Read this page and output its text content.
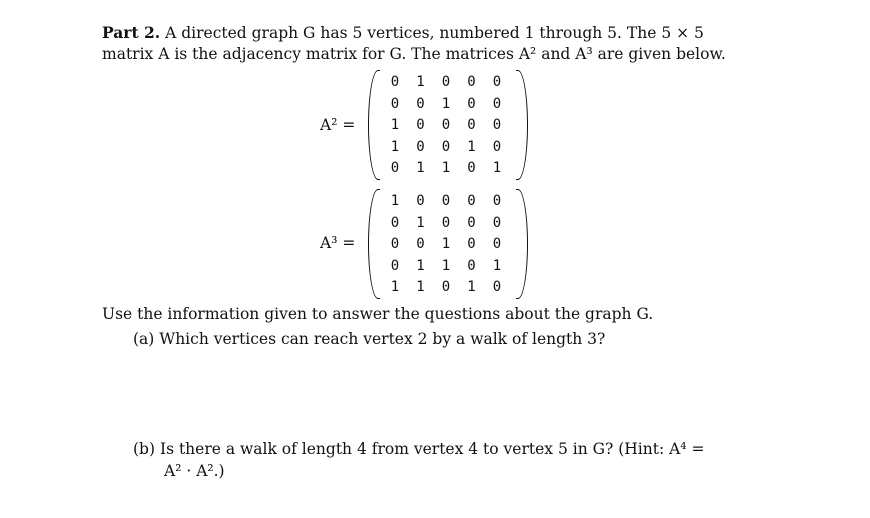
Part 2. A directed graph G has 5 vertices, numbered 1 through 5. The 5 × 5
matrix A is the adjacency matrix for G. The matrices A² and A³ are given below.
A² =
0	1	0	0	0
0	0	1	0	0
1	0	0	0	0
1	0	0	1	0
0	1	1	0	1
A³ =
1	0	0	0	0
0	1	0	0	0
0	0	1	0	0
0	1	1	0	1
1	1	0	1	0
Use the information given to answer the questions about the graph G.
(a) Which vertices can reach vertex 2 by a walk of length 3?
(b) Is there a walk of length 4 from vertex 4 to vertex 5 in G? (Hint: A⁴ =
A² · A².)
